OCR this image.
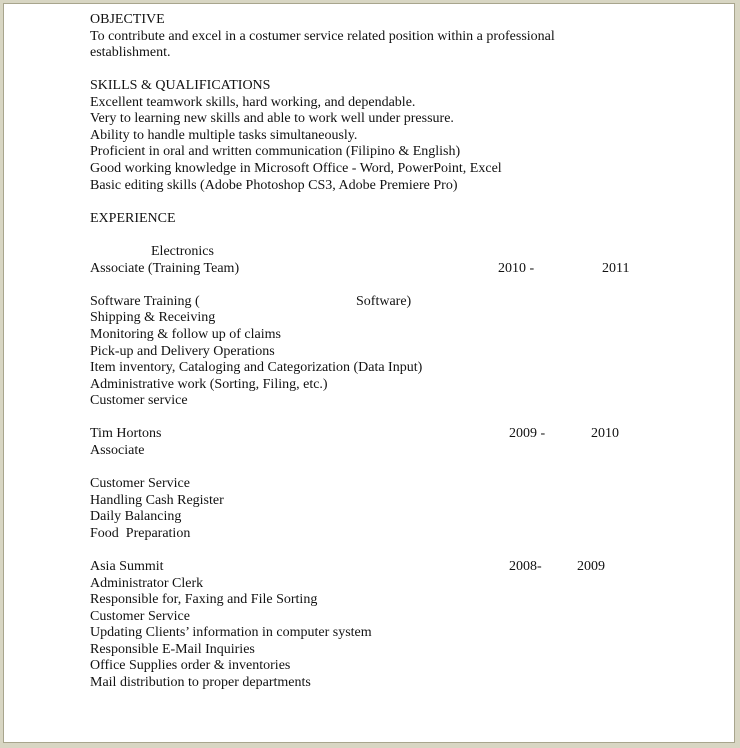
OBJECTIVE
To contribute and excel in a costumer service related position within a professional
establishment.
SKILLS & QUALIFICATIONS
Excellent teamwork skills, hard working, and dependable.
Very to learning new skills and able to work well under pressure.
Ability to handle multiple tasks simultaneously.
Proficient in oral and written communication (Filipino & English)
Good working knowledge in Microsoft Office - Word, PowerPoint, Excel
Basic editing skills (Adobe Photoshop CS3, Adobe Premiere Pro)
EXPERIENCE
Electronics
Associate (Training Team)	2010 -	2011
Software Training (	Software)
Shipping & Receiving
Monitoring & follow up of claims
Pick-up and Delivery Operations
Item inventory, Cataloging and Categorization (Data Input)
Administrative work (Sorting, Filing, etc.)
Customer service
Tim Hortons	2009 -	2010
Associate
Customer Service
Handling Cash Register
Daily Balancing
Food  Preparation
Asia Summit	2008-	2009
Administrator Clerk
Responsible for, Faxing and File Sorting
Customer Service
Updating Clients’ information in computer system
Responsible E-Mail Inquiries
Office Supplies order & inventories
Mail distribution to proper departments
